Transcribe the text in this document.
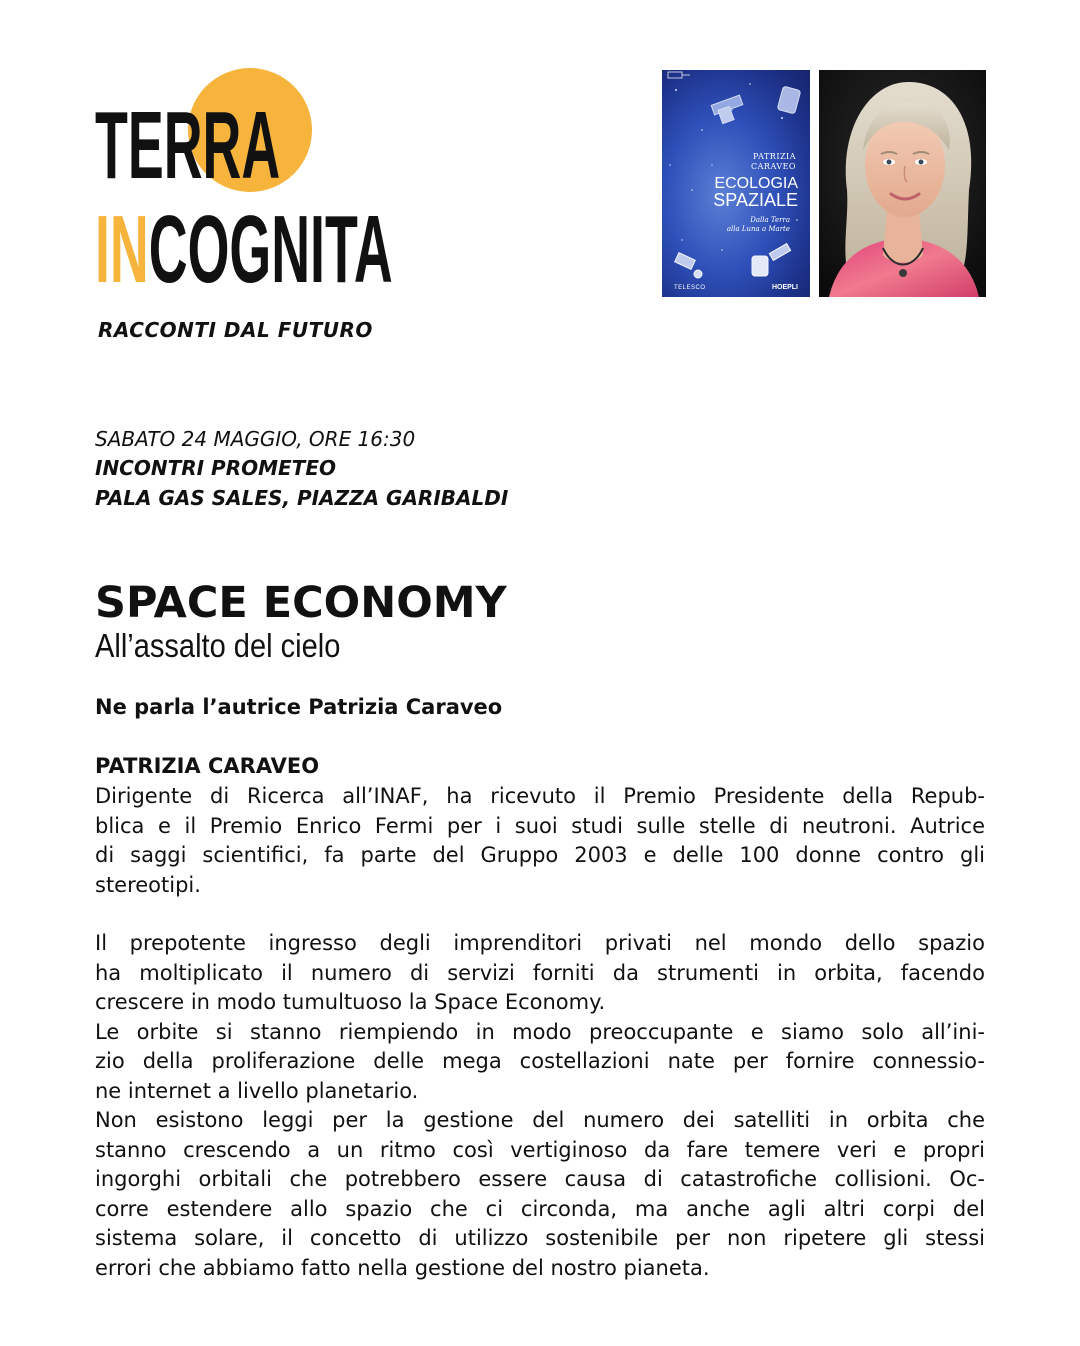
TERRA
INCOGNITA
RACCONTI DAL FUTURO
PATRIZIA
CARAVEO
ECOLOGIA
SPAZIALE
Dalla Terra
alla Luna a Marte
TELESCO	HOEPLI
SABATO 24 MAGGIO, ORE 16:30
INCONTRI PROMETEO
PALA GAS SALES, PIAZZA GARIBALDI
SPACE ECONOMY
All’assalto del cielo
Ne parla l’autrice Patrizia Caraveo
PATRIZIA CARAVEO
Dirigente di Ricerca all’INAF, ha ricevuto il Premio Presidente della Repub-
blica e il Premio Enrico Fermi per i suoi studi sulle stelle di neutroni. Autrice
di saggi scientifici, fa parte del Gruppo 2003 e delle 100 donne contro gli
stereotipi.
Il prepotente ingresso degli imprenditori privati nel mondo dello spazio
ha moltiplicato il numero di servizi forniti da strumenti in orbita, facendo
crescere in modo tumultuoso la Space Economy.
Le orbite si stanno riempiendo in modo preoccupante e siamo solo all’ini-
zio della proliferazione delle mega costellazioni nate per fornire connessio-
ne internet a livello planetario.
Non esistono leggi per la gestione del numero dei satelliti in orbita che
stanno crescendo a un ritmo così vertiginoso da fare temere veri e propri
ingorghi orbitali che potrebbero essere causa di catastrofiche collisioni. Oc-
corre estendere allo spazio che ci circonda, ma anche agli altri corpi del
sistema solare, il concetto di utilizzo sostenibile per non ripetere gli stessi
errori che abbiamo fatto nella gestione del nostro pianeta.
